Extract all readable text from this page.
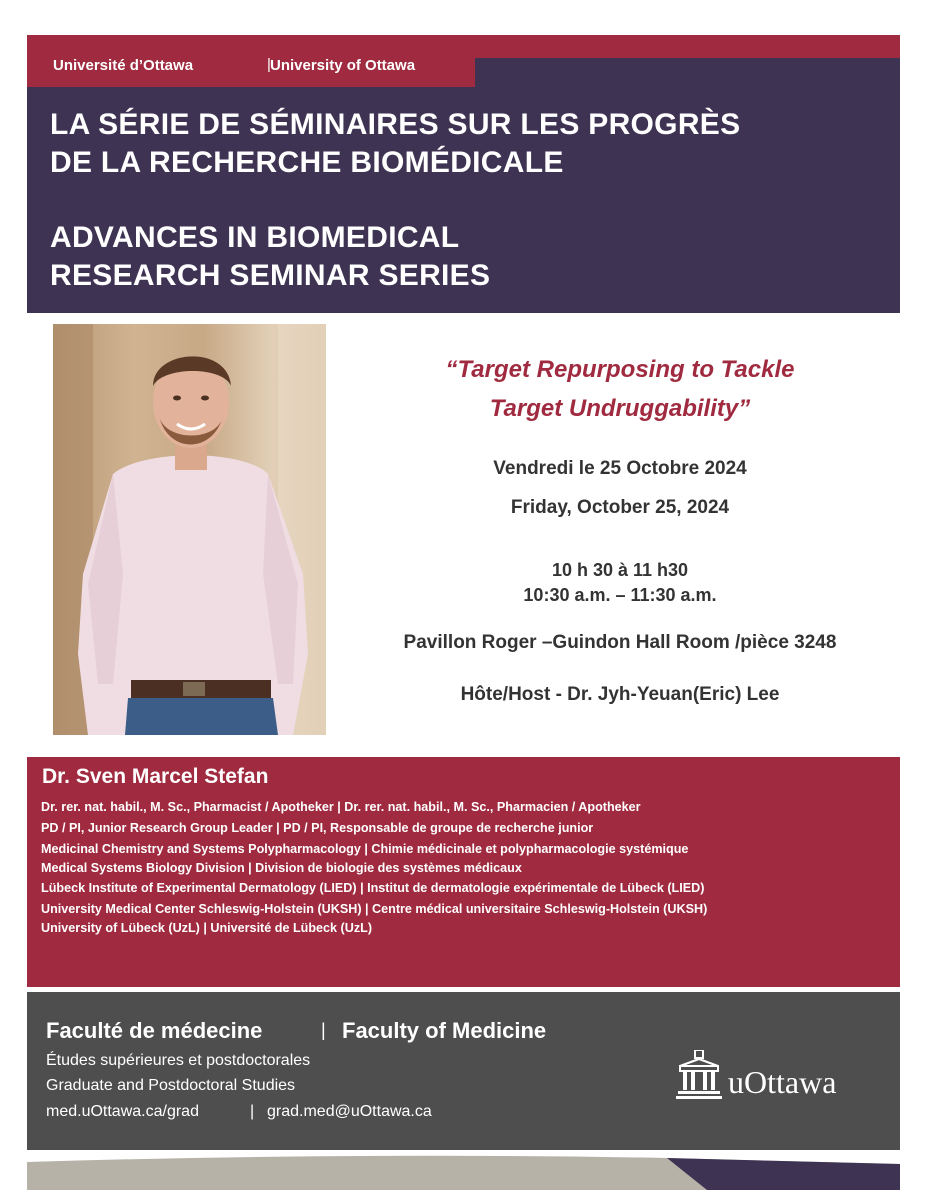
Université d’Ottawa	| University of Ottawa
LA SÉRIE DE SÉMINAIRES SUR LES PROGRÈS
DE LA RECHERCHE BIOMÉDICALE
ADVANCES IN BIOMEDICAL
RESEARCH SEMINAR SERIES
“Target Repurposing to Tackle
Target Undruggability”
Vendredi le 25 Octobre 2024
Friday, October 25, 2024
10 h 30 à 11 h30
10:30 a.m. – 11:30 a.m.
Pavillon Roger –Guindon Hall Room /pièce 3248
Hôte/Host - Dr. Jyh-Yeuan(Eric) Lee
Dr. Sven Marcel Stefan
Dr. rer. nat. habil., M. Sc., Pharmacist / Apotheker | Dr. rer. nat. habil., M. Sc., Pharmacien / Apotheker
PD / PI, Junior Research Group Leader | PD / PI, Responsable de groupe de recherche junior
Medicinal Chemistry and Systems Polypharmacology | Chimie médicinale et polypharmacologie systémique
Medical Systems Biology Division | Division de biologie des systèmes médicaux
Lübeck Institute of Experimental Dermatology (LIED) | Institut de dermatologie expérimentale de Lübeck (LIED)
University Medical Center Schleswig-Holstein (UKSH) | Centre médical universitaire Schleswig-Holstein (UKSH)
University of Lübeck (UzL) | Université de Lübeck (UzL)
Faculté de médecine	| Faculty of Medicine
Études supérieures et postdoctorales
Graduate and Postdoctoral Studies
med.uOttawa.ca/grad	| grad.med@uOttawa.ca
uOttawa
